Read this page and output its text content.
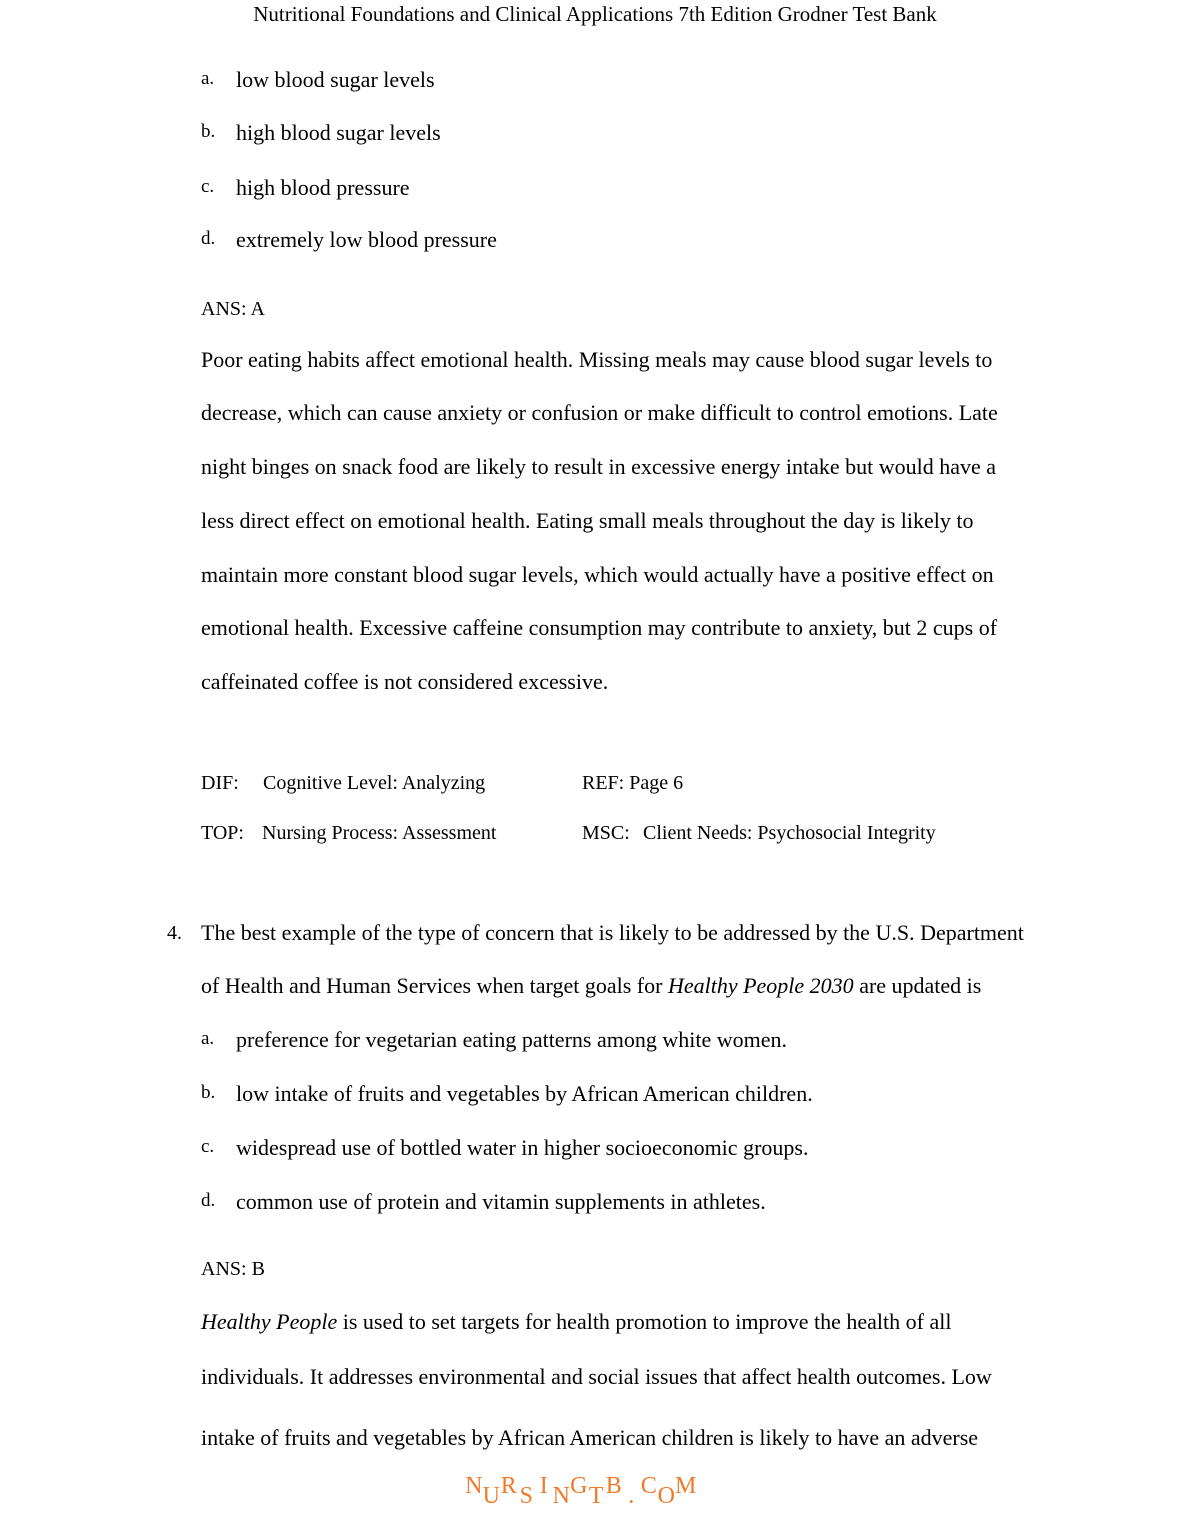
Nutritional Foundations and Clinical Applications 7th Edition Grodner Test Bank
a. low blood sugar levels
b. high blood sugar levels
c. high blood pressure
d. extremely low blood pressure
ANS: A
Poor eating habits affect emotional health. Missing meals may cause blood sugar levels to
decrease, which can cause anxiety or confusion or make difficult to control emotions. Late
night binges on snack food are likely to result in excessive energy intake but would have a
less direct effect on emotional health. Eating small meals throughout the day is likely to
maintain more constant blood sugar levels, which would actually have a positive effect on
emotional health. Excessive caffeine consumption may contribute to anxiety, but 2 cups of
caffeinated coffee is not considered excessive.
DIF: Cognitive Level: Analyzing	REF: Page 6
TOP: Nursing Process: Assessment	MSC: Client Needs: Psychosocial Integrity
4. The best example of the type of concern that is likely to be addressed by the U.S. Department
of Health and Human Services when target goals for Healthy People 2030 are updated is
a. preference for vegetarian eating patterns among white women.
b. low intake of fruits and vegetables by African American children.
c. widespread use of bottled water in higher socioeconomic groups.
d. common use of protein and vitamin supplements in athletes.
ANS: B
Healthy People is used to set targets for health promotion to improve the health of all
individuals. It addresses environmental and social issues that affect health outcomes. Low
intake of fruits and vegetables by African American children is likely to have an adverse
NUR S I NGTB . COM
